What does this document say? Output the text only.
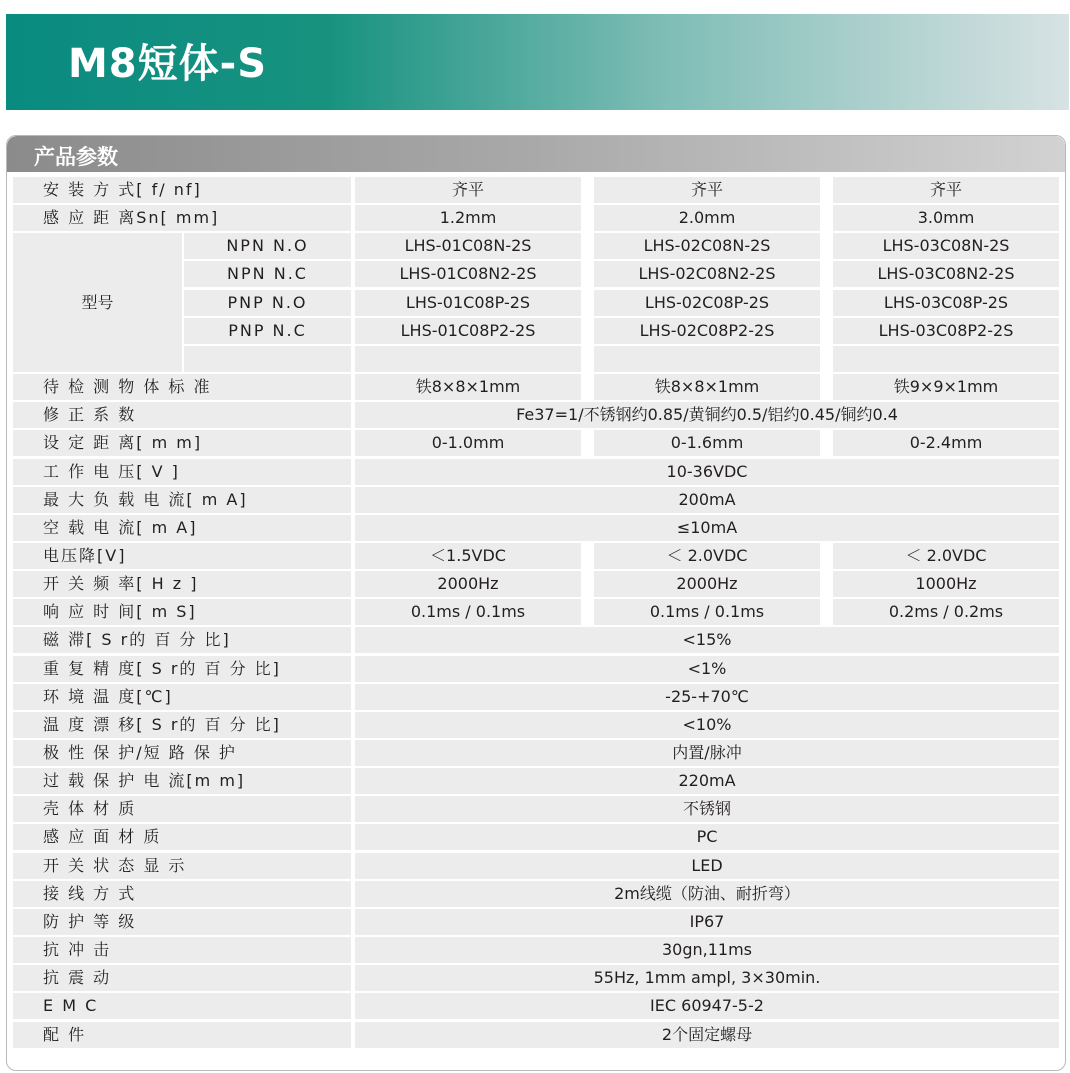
M8短体-S
产品参数
安 装 方 式[ f/ nf]	齐平	齐平	齐平
感 应 距 离Sn[ mm]	1.2mm	2.0mm	3.0mm
型号
NPN N.O	LHS-01C08N-2S	LHS-02C08N-2S	LHS-03C08N-2S
NPN N.C	LHS-01C08N2-2S	LHS-02C08N2-2S	LHS-03C08N2-2S
PNP N.O	LHS-01C08P-2S	LHS-02C08P-2S	LHS-03C08P-2S
PNP N.C	LHS-01C08P2-2S	LHS-02C08P2-2S	LHS-03C08P2-2S
待 检 测 物 体 标 准	铁8×8×1mm	铁8×8×1mm	铁9×9×1mm
修 正 系 数	Fe37=1/不锈钢约0.85/黄铜约0.5/铝约0.45/铜约0.4
设 定 距 离[ m m]	0-1.0mm	0-1.6mm	0-2.4mm
工 作 电 压[ V ]	10-36VDC
最 大 负 载 电 流[ m A]	200mA
空 载 电 流[ m A]	≤10mA
电压降[V]	＜1.5VDC	＜ 2.0VDC	＜ 2.0VDC
开 关 频 率[ H z ]	2000Hz	2000Hz	1000Hz
响 应 时 间[ m S]	0.1ms / 0.1ms	0.1ms / 0.1ms	0.2ms / 0.2ms
磁 滞[ S r的 百 分 比]	<15%
重 复 精 度[ S r的 百 分 比]	<1%
环 境 温 度[℃]	-25-+70℃
温 度 漂 移[ S r的 百 分 比]	<10%
极 性 保 护/短 路 保 护	内置/脉冲
过 载 保 护 电 流[m m]	220mA
壳 体 材 质	不锈钢
感 应 面 材 质	PC
开 关 状 态 显 示	LED
接 线 方 式	2m线缆（防油、耐折弯）
防 护 等 级	IP67
抗 冲 击	30gn,11ms
抗 震 动	55Hz, 1mm ampl, 3×30min.
E M C	IEC 60947-5-2
配 件	2个固定螺母
